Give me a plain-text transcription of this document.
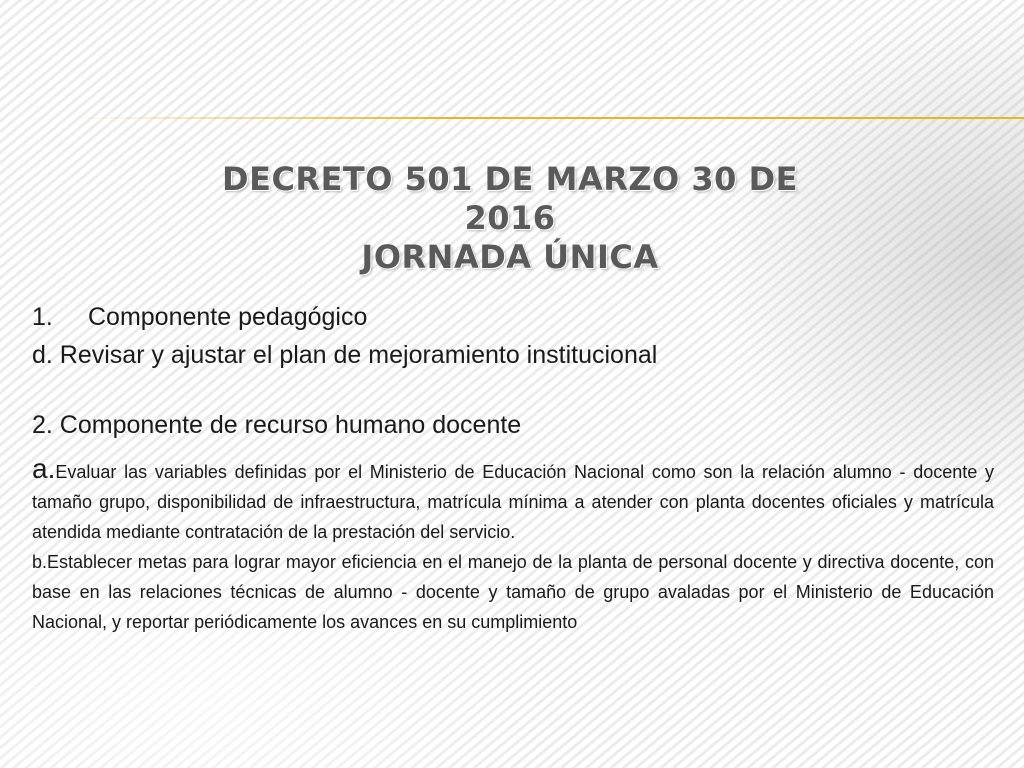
DECRETO 501 DE MARZO 30 DE
2016
JORNADA ÚNICA

1. Componente pedagógico

d. Revisar y ajustar el plan de mejoramiento institucional

2. Componente de recurso humano docente

a.Evaluar las variables definidas por el Ministerio de Educación Nacional como son la relación alumno - docente y tamaño grupo, disponibilidad de infraestructura, matrícula mínima a atender con planta docentes oficiales y matrícula atendida mediante contratación de la prestación del servicio.

b.Establecer metas para lograr mayor eficiencia en el manejo de la planta de personal docente y directiva docente, con base en las relaciones técnicas de alumno - docente y tamaño de grupo avaladas por el Ministerio de Educación Nacional, y reportar periódicamente los avances en su cumplimiento
